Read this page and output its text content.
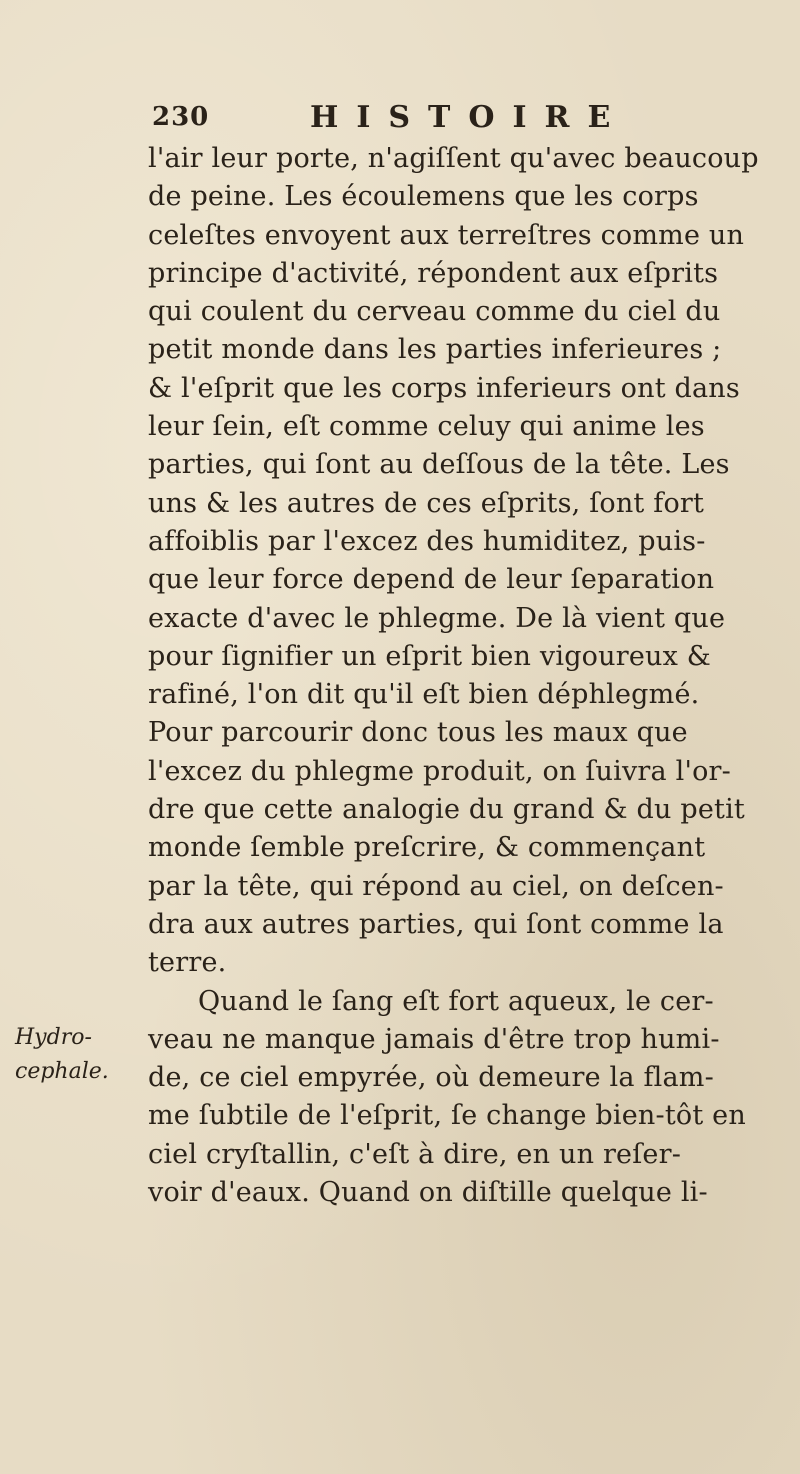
230	HISTOIRE
Hydro-
cephale.
l'air leur porte, n'agiſſent qu'avec beaucoup
de peine. Les écoulemens que les corps
celeſtes envoyent aux terreſtres comme un
principe d'activité, répondent aux eſprits
qui coulent du cerveau comme du ciel du
petit monde dans les parties inferieures ;
& l'eſprit que les corps inferieurs ont dans
leur ſein, eſt comme celuy qui anime les
parties, qui ſont au deſſous de la tête. Les
uns & les autres de ces eſprits, ſont fort
affoiblis par l'excez des humiditez, puis-
que leur force depend de leur ſeparation
exacte d'avec le phlegme. De là vient que
pour ſignifier un eſprit bien vigoureux &
rafiné, l'on dit qu'il eſt bien déphlegmé.
Pour parcourir donc tous les maux que
l'excez du phlegme produit, on ſuivra l'or-
dre que cette analogie du grand & du petit
monde ſemble preſcrire, & commençant
par la tête, qui répond au ciel, on deſcen-
dra aux autres parties, qui ſont comme la
terre.
Quand le ſang eſt fort aqueux, le cer-
veau ne manque jamais d'être trop humi-
de, ce ciel empyrée, où demeure la flam-
me ſubtile de l'eſprit, ſe change bien-tôt en
ciel cryſtallin, c'eſt à dire, en un reſer-
voir d'eaux. Quand on diſtille quelque li-
